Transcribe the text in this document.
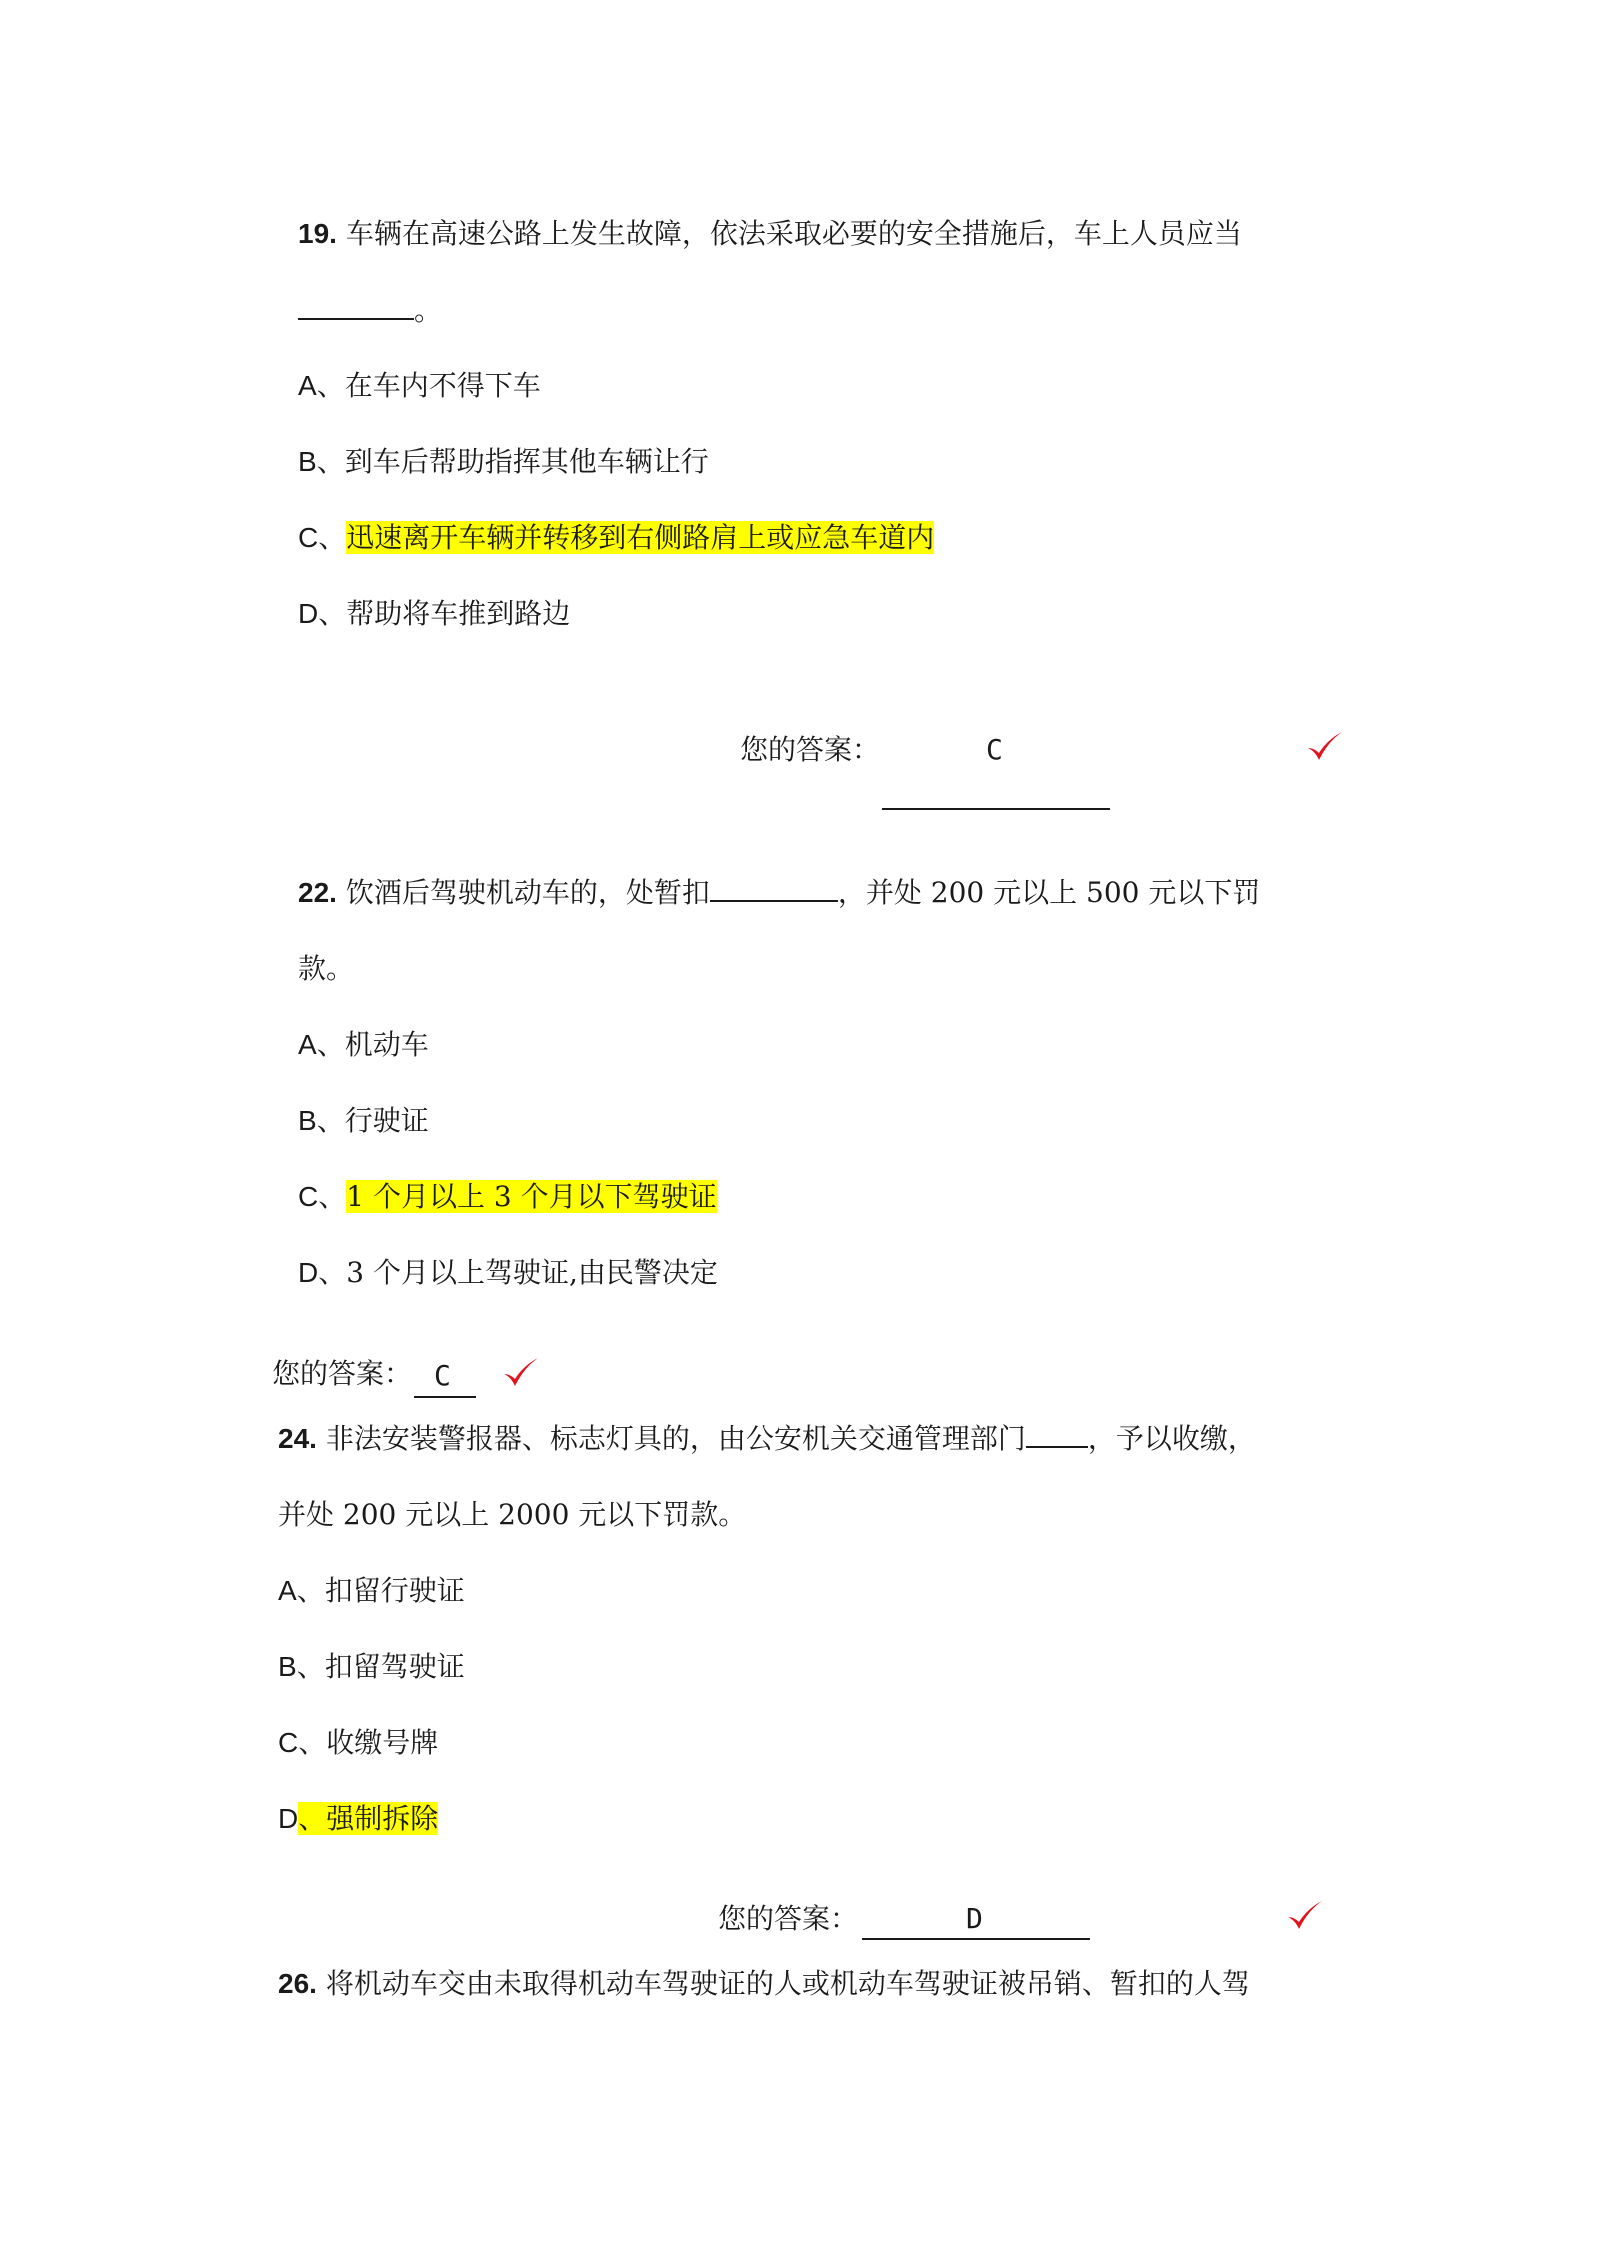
19. 车辆在高速公路上发生故障，依法采取必要的安全措施后，车上人员应当
。
A、在车内不得下车
B、到车后帮助指挥其他车辆让行
C、迅速离开车辆并转移到右侧路肩上或应急车道内
D、帮助将车推到路边
您的答案：	C
22. 饮酒后驾驶机动车的，处暂扣	，并处 200 元以上 500 元以下罚
款。
A、机动车
B、行驶证
C、1 个月以上 3 个月以下驾驶证
D、3 个月以上驾驶证,由民警决定
您的答案： C
24. 非法安装警报器、标志灯具的，由公安机关交通管理部门 ，予以收缴，
并处 200 元以上 2000 元以下罚款。
A、扣留行驶证
B、扣留驾驶证
C、收缴号牌
D、强制拆除
您的答案：	D
26. 将机动车交由未取得机动车驾驶证的人或机动车驾驶证被吊销、暂扣的人驾
